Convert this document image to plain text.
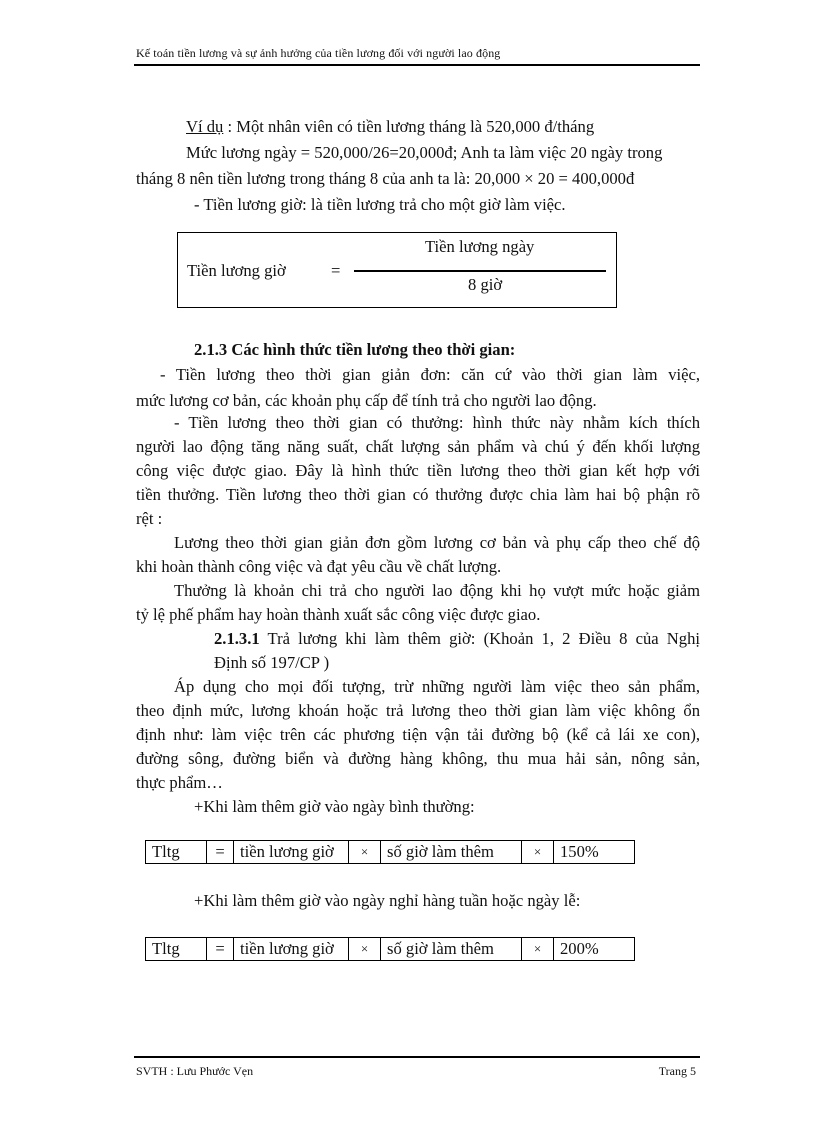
Kế toán tiền lương và sự ảnh hưởng của tiền lương đối với người lao động
Ví dụ : Một nhân viên có tiền lương tháng là 520,000 đ/tháng
Mức lương ngày = 520,000/26=20,000đ; Anh ta làm việc 20 ngày trong
tháng 8 nên tiền lương trong tháng 8 của anh ta là: 20,000 × 20 = 400,000đ
- Tiền lương giờ: là tiền lương trả cho một giờ làm việc.
Tiền lương giờ	=
Tiền lương ngày
8 giờ
2.1.3 Các hình thức tiền lương theo thời gian:
- Tiền lương theo thời gian giản đơn: căn cứ vào thời gian làm việc,
mức lương cơ bản, các khoản phụ cấp để tính trả cho người lao động.
- Tiền lương theo thời gian có thưởng: hình thức này nhằm kích thích
người lao động tăng năng suất, chất lượng sản phẩm và chú ý đến khối lượng
công việc được giao. Đây là hình thức tiền lương theo thời gian kết hợp với
tiền thưởng. Tiền lương theo thời gian có thưởng được chia làm hai bộ phận rõ
rệt :
Lương theo thời gian giản đơn gồm lương cơ bản và phụ cấp theo chế độ
khi hoàn thành công việc và đạt yêu cầu về chất lượng.
Thưởng là khoản chi trả cho người lao động khi họ vượt mức hoặc giảm
tỷ lệ phế phẩm hay hoàn thành xuất sắc công việc được giao.
2.1.3.1 Trả lương khi làm thêm giờ: (Khoản 1, 2 Điều 8 của Nghị
Định số 197/CP )
Áp dụng cho mọi đối tượng, trừ những người làm việc theo sản phẩm,
theo định mức, lương khoán hoặc trả lương theo thời gian làm việc không ổn
định như: làm việc trên các phương tiện vận tải đường bộ (kể cả lái xe con),
đường sông, đường biển và đường hàng không, thu mua hải sản, nông sản,
thực phẩm…
+Khi làm thêm giờ vào ngày bình thường:
Tltg	=	tiền lương giờ	×	số giờ làm thêm	×	150%
+Khi làm thêm giờ vào ngày nghỉ hàng tuần hoặc ngày lễ:
Tltg	=	tiền lương giờ	×	số giờ làm thêm	×	200%
SVTH : Lưu Phước Vẹn	Trang 5
